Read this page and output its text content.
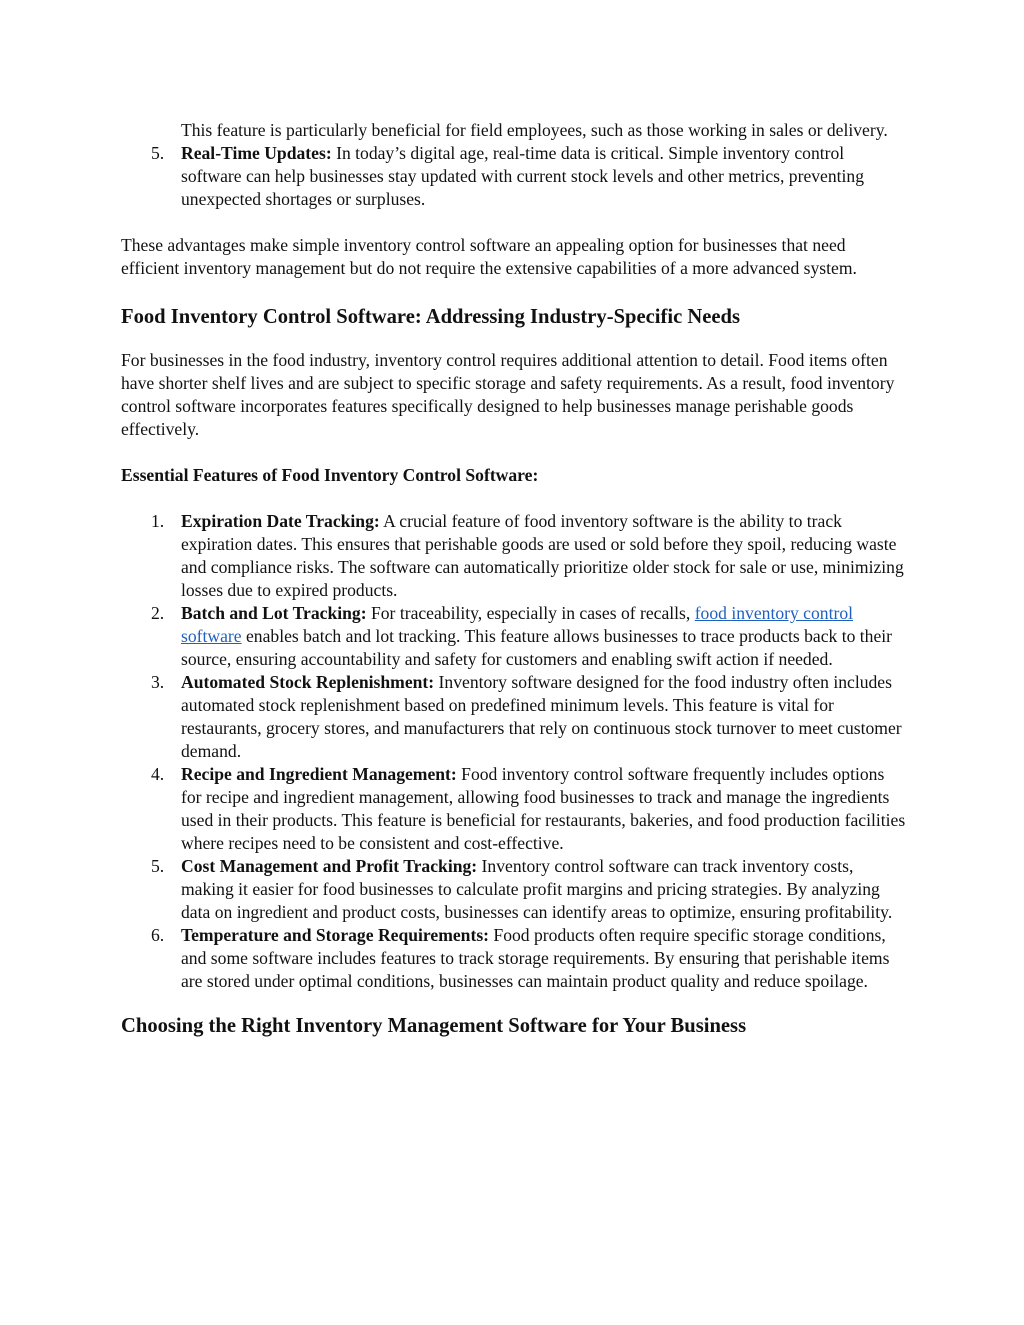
This feature is particularly beneficial for field employees, such as those working in sales or delivery.

5. Real-Time Updates: In today’s digital age, real-time data is critical. Simple inventory control software can help businesses stay updated with current stock levels and other metrics, preventing unexpected shortages or surpluses.

These advantages make simple inventory control software an appealing option for businesses that need efficient inventory management but do not require the extensive capabilities of a more advanced system.

Food Inventory Control Software: Addressing Industry-Specific Needs

For businesses in the food industry, inventory control requires additional attention to detail. Food items often have shorter shelf lives and are subject to specific storage and safety requirements. As a result, food inventory control software incorporates features specifically designed to help businesses manage perishable goods effectively.

Essential Features of Food Inventory Control Software:
1. Expiration Date Tracking: A crucial feature of food inventory software is the ability to track expiration dates. This ensures that perishable goods are used or sold before they spoil, reducing waste and compliance risks. The software can automatically prioritize older stock for sale or use, minimizing losses due to expired products.
2. Batch and Lot Tracking: For traceability, especially in cases of recalls, food inventory control software enables batch and lot tracking. This feature allows businesses to trace products back to their source, ensuring accountability and safety for customers and enabling swift action if needed.
3. Automated Stock Replenishment: Inventory software designed for the food industry often includes automated stock replenishment based on predefined minimum levels. This feature is vital for restaurants, grocery stores, and manufacturers that rely on continuous stock turnover to meet customer demand.
4. Recipe and Ingredient Management: Food inventory control software frequently includes options for recipe and ingredient management, allowing food businesses to track and manage the ingredients used in their products. This feature is beneficial for restaurants, bakeries, and food production facilities where recipes need to be consistent and cost-effective.
5. Cost Management and Profit Tracking: Inventory control software can track inventory costs, making it easier for food businesses to calculate profit margins and pricing strategies. By analyzing data on ingredient and product costs, businesses can identify areas to optimize, ensuring profitability.
6. Temperature and Storage Requirements: Food products often require specific storage conditions, and some software includes features to track storage requirements. By ensuring that perishable items are stored under optimal conditions, businesses can maintain product quality and reduce spoilage.
Choosing the Right Inventory Management Software for Your Business
